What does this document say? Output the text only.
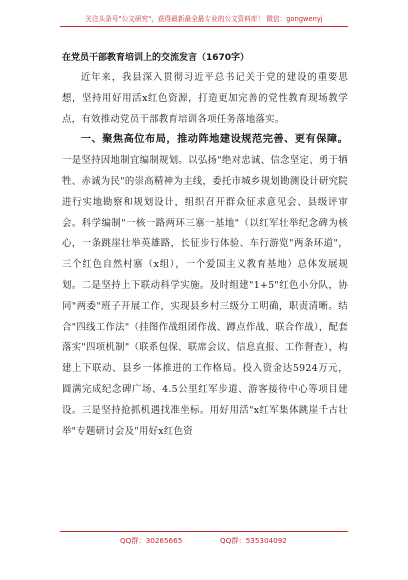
关注头条号"公文研究"，获得最新最全最专业的公文资料库！ 微信：gongwenyj
在党员干部教育培训上的交流发言（1670字）

近年来，我县深入贯彻习近平总书记关于党的建设的重要思想，坚持用好用活x红色资源，打造更加完善的党性教育现场教学点，有效推动党员干部教育培训各项任务落地落实。

一、聚焦高位布局，推动阵地建设规范完善、更有保障。一是坚持因地制宜编制规划。以弘扬"绝对忠诚、信念坚定、勇于牺牲、赤诚为民"的崇高精神为主线，委托市城乡规划勘测设计研究院进行实地勘察和规划设计，组织召开群众征求意见会、县级评审会。科学编制"一核一路两环三寨一基地"（以红军壮举纪念碑为核心，一条跳崖壮举英雄路，长征步行体验、车行游览"两条环道"，三个红色自然村寨（x组），一个爱国主义教育基地）总体发展规划。二是坚持上下联动科学实施。及时组建"1+5"红色小分队，协同"两委"班子开展工作，实现县乡村三级分工明确，职责清晰。结合"四线工作法"（挂图作战组团作战、蹲点作战、联合作战），配套落实"四项机制"（联系包保、联席会议、信息直报、工作督查），构建上下联动、县乡一体推进的工作格局。投入资金达5924万元，圆满完成纪念碑广场、4.5公里红军步道、游客接待中心等项目建设。三是坚持抢抓机遇找准坐标。用好用活"x红军集体跳崖千古壮举"专题研讨会及"用好x红色资

QQ群：30265665	QQ群：535304092
